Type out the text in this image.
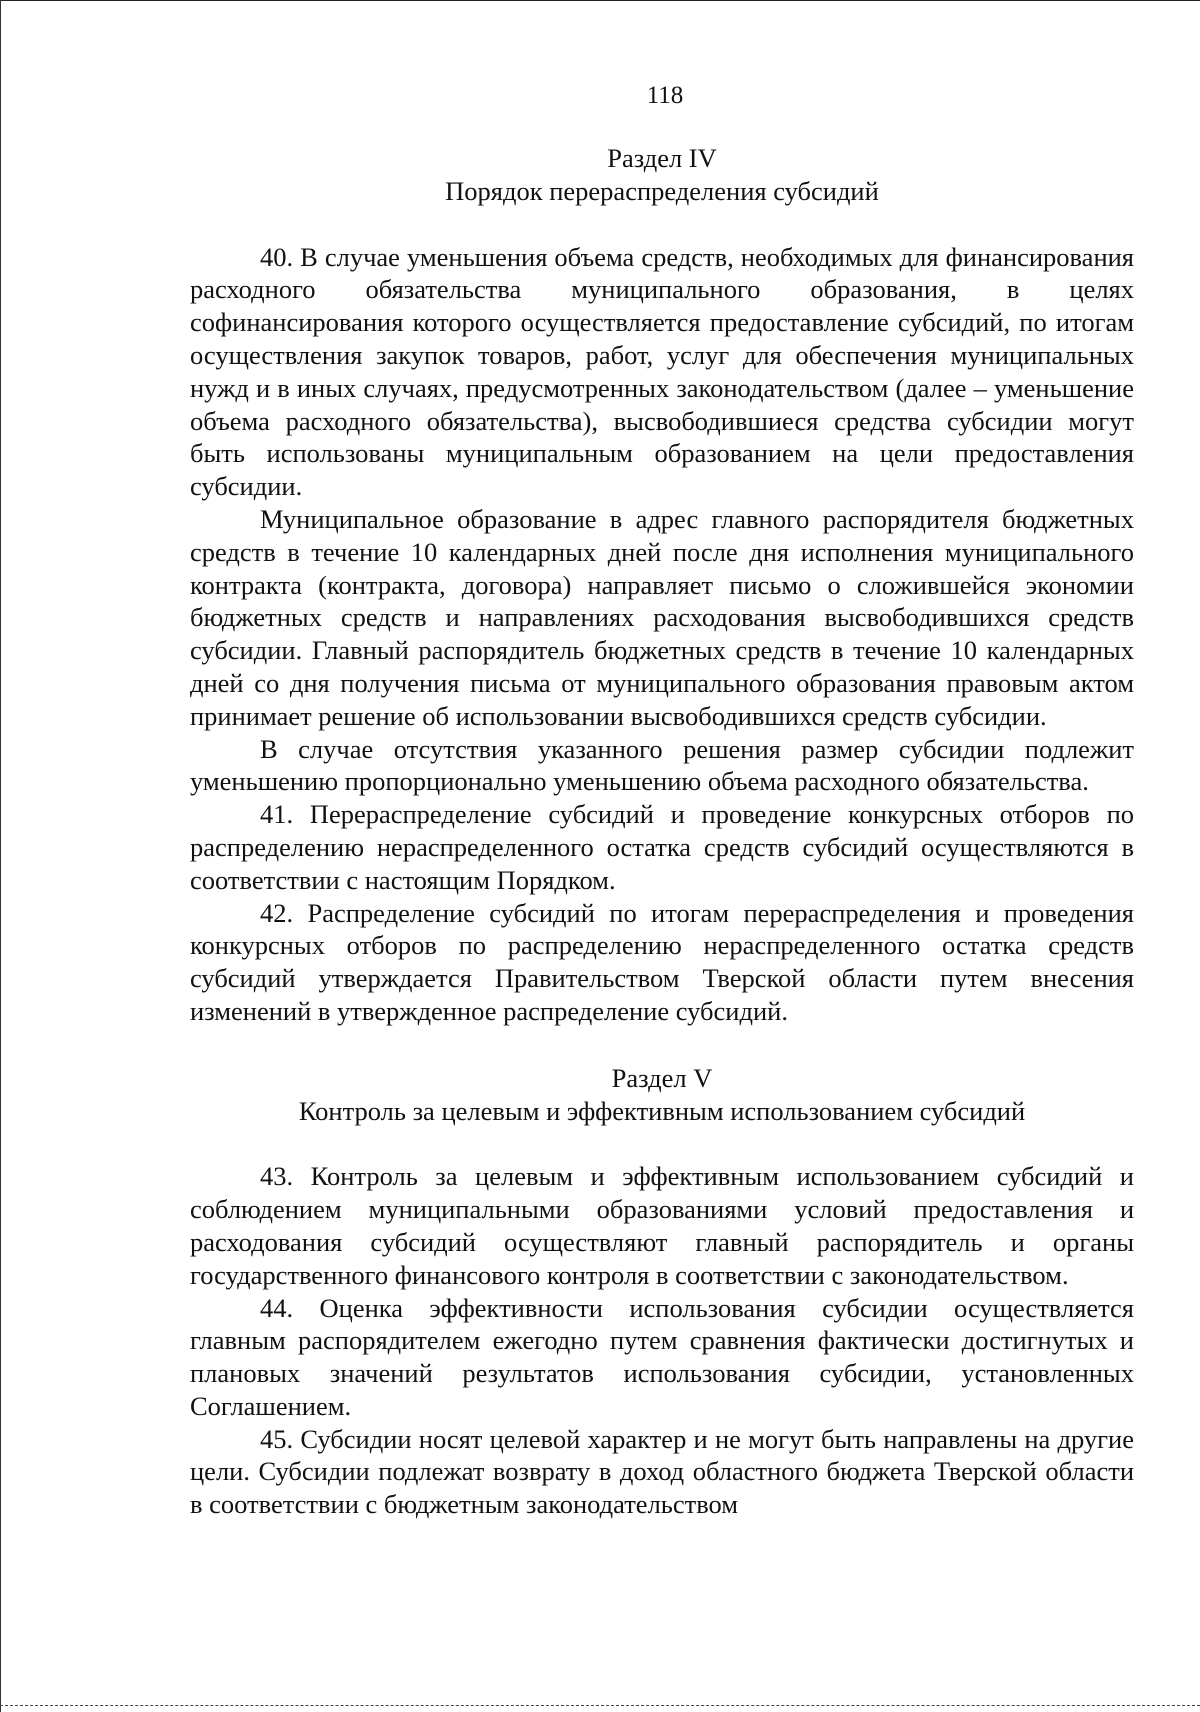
118
Раздел IV
Порядок перераспределения субсидий

40. В случае уменьшения объема средств, необходимых для финансирования расходного обязательства муниципального образования, в целях софинансирования которого осуществляется предоставление субсидий, по итогам осуществления закупок товаров, работ, услуг для обеспечения муниципальных нужд и в иных случаях, предусмотренных законодательством (далее – уменьшение объема расходного обязательства), высвободившиеся средства субсидии могут быть использованы муниципальным образованием на цели предоставления субсидии.

Муниципальное образование в адрес главного распорядителя бюджетных средств в течение 10 календарных дней после дня исполнения муниципального контракта (контракта, договора) направляет письмо о сложившейся экономии бюджетных средств и направлениях расходования высвободившихся средств субсидии. Главный распорядитель бюджетных средств в течение 10 календарных дней со дня получения письма от муниципального образования правовым актом принимает решение об использовании высвободившихся средств субсидии.

В случае отсутствия указанного решения размер субсидии подлежит уменьшению пропорционально уменьшению объема расходного обязательства.

41. Перераспределение субсидий и проведение конкурсных отборов по распределению нераспределенного остатка средств субсидий осуществляются в соответствии с настоящим Порядком.

42. Распределение субсидий по итогам перераспределения и проведения конкурсных отборов по распределению нераспределенного остатка средств субсидий утверждается Правительством Тверской области путем внесения изменений в утвержденное распределение субсидий.

Раздел V
Контроль за целевым и эффективным использованием субсидий

43. Контроль за целевым и эффективным использованием субсидий и соблюдением муниципальными образованиями условий предоставления и расходования субсидий осуществляют главный распорядитель и органы государственного финансового контроля в соответствии с законодательством.

44. Оценка эффективности использования субсидии осуществляется главным распорядителем ежегодно путем сравнения фактически достигнутых и плановых значений результатов использования субсидии, установленных Соглашением.

45. Субсидии носят целевой характер и не могут быть направлены на другие цели. Субсидии подлежат возврату в доход областного бюджета Тверской области в соответствии с бюджетным законодательством
